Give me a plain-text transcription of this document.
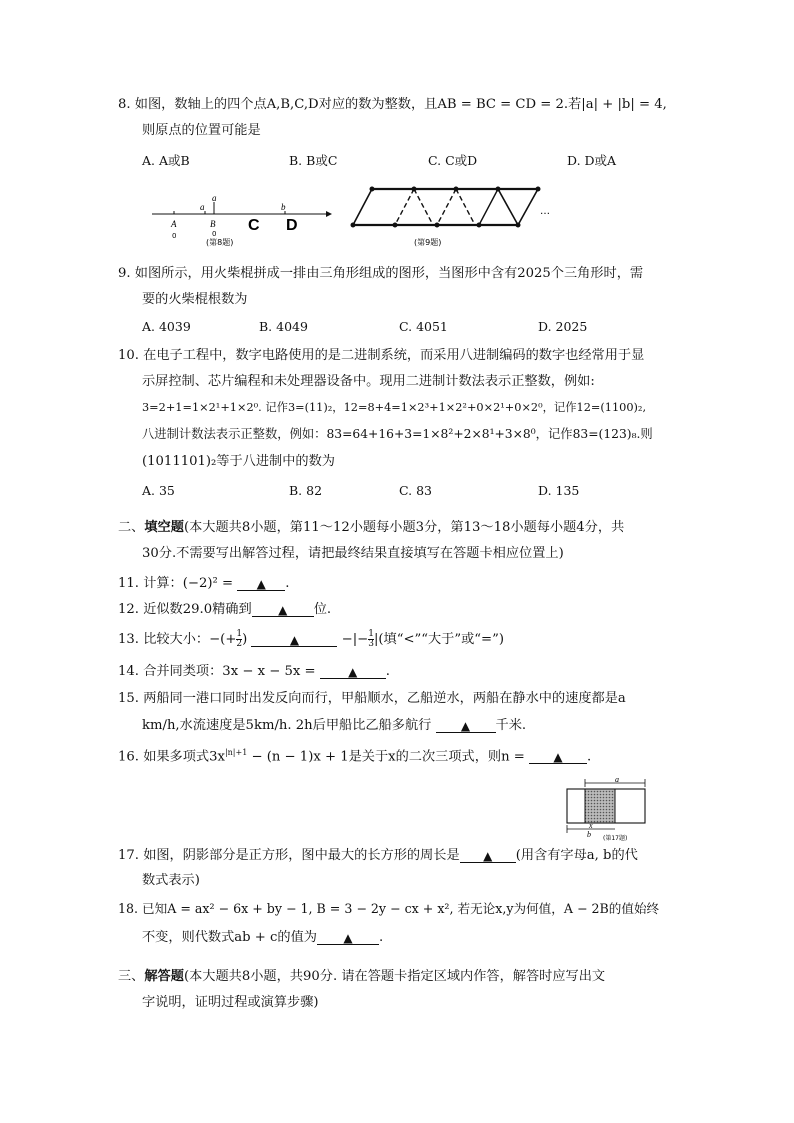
8. 如图，数轴上的四个点A,B,C,D对应的数为整数，且AB = BC = CD = 2.若|a| + |b| = 4,
则原点的位置可能是
A. A或B	B. B或C	C. C或D	D. D或A
a	b
a
A	B C D
0	0
(第8题)
…
(第9题)
9. 如图所示，用火柴棍拼成一排由三角形组成的图形，当图形中含有2025个三角形时，需
要的火柴棍根数为
A. 4039	B. 4049	C. 4051	D. 2025
10. 在电子工程中，数字电路使用的是二进制系统，而采用八进制编码的数字也经常用于显
示屏控制、芯片编程和未处理器设备中。现用二进制计数法表示正整数，例如:
3=2+1=1×2¹+1×2⁰. 记作3=(11)₂，12=8+4=1×2³+1×2²+0×2¹+0×2⁰，记作12=(1100)₂,
八进制计数法表示正整数，例如：83=64+16+3=1×8²+2×8¹+3×8⁰，记作83=(123)₈.则
(1011101)₂等于八进制中的数为
A. 35	B. 82	C. 83	D. 135
二、填空题(本大题共8小题，第11～12小题每小题3分，第13～18小题每小题4分，共
30分.不需要写出解答过程，请把最终结果直接填写在答题卡相应位置上)
11. 计算：(−2)² = ▲ .
12. 近似数29.0精确到 ▲ 位.
13. 比较大小：−(+ $\frac{1}{2}$ )	▲	−|− $\frac{1}{3}$ |(填“<”“大于”或“=”)
14. 合并同类项：3x − x − 5x =	▲ .
15. 两船同一港口同时出发反向而行，甲船顺水，乙船逆水，两船在静水中的速度都是a
km/h,水流速度是5km/h. 2h后甲船比乙船多航行 ▲ 千米.
16. 如果多项式$3x^{|n|+1} - (n - 1)x + 1$是关于x的二次三项式，则n = ▲ .
a
x
b (第17题)
17. 如图，阴影部分是正方形，图中最大的长方形的周长是 ▲ (用含有字母a, b的代
数式表示)
18. 已知A = ax² − 6x + by − 1, B = 3 − 2y − cx + x², 若无论x,y为何值，A − 2B的值始终
不变，则代数式ab + c的值为 ▲ .
三、解答题(本大题共8小题，共90分. 请在答题卡指定区域内作答，解答时应写出文
字说明，证明过程或演算步骤)
